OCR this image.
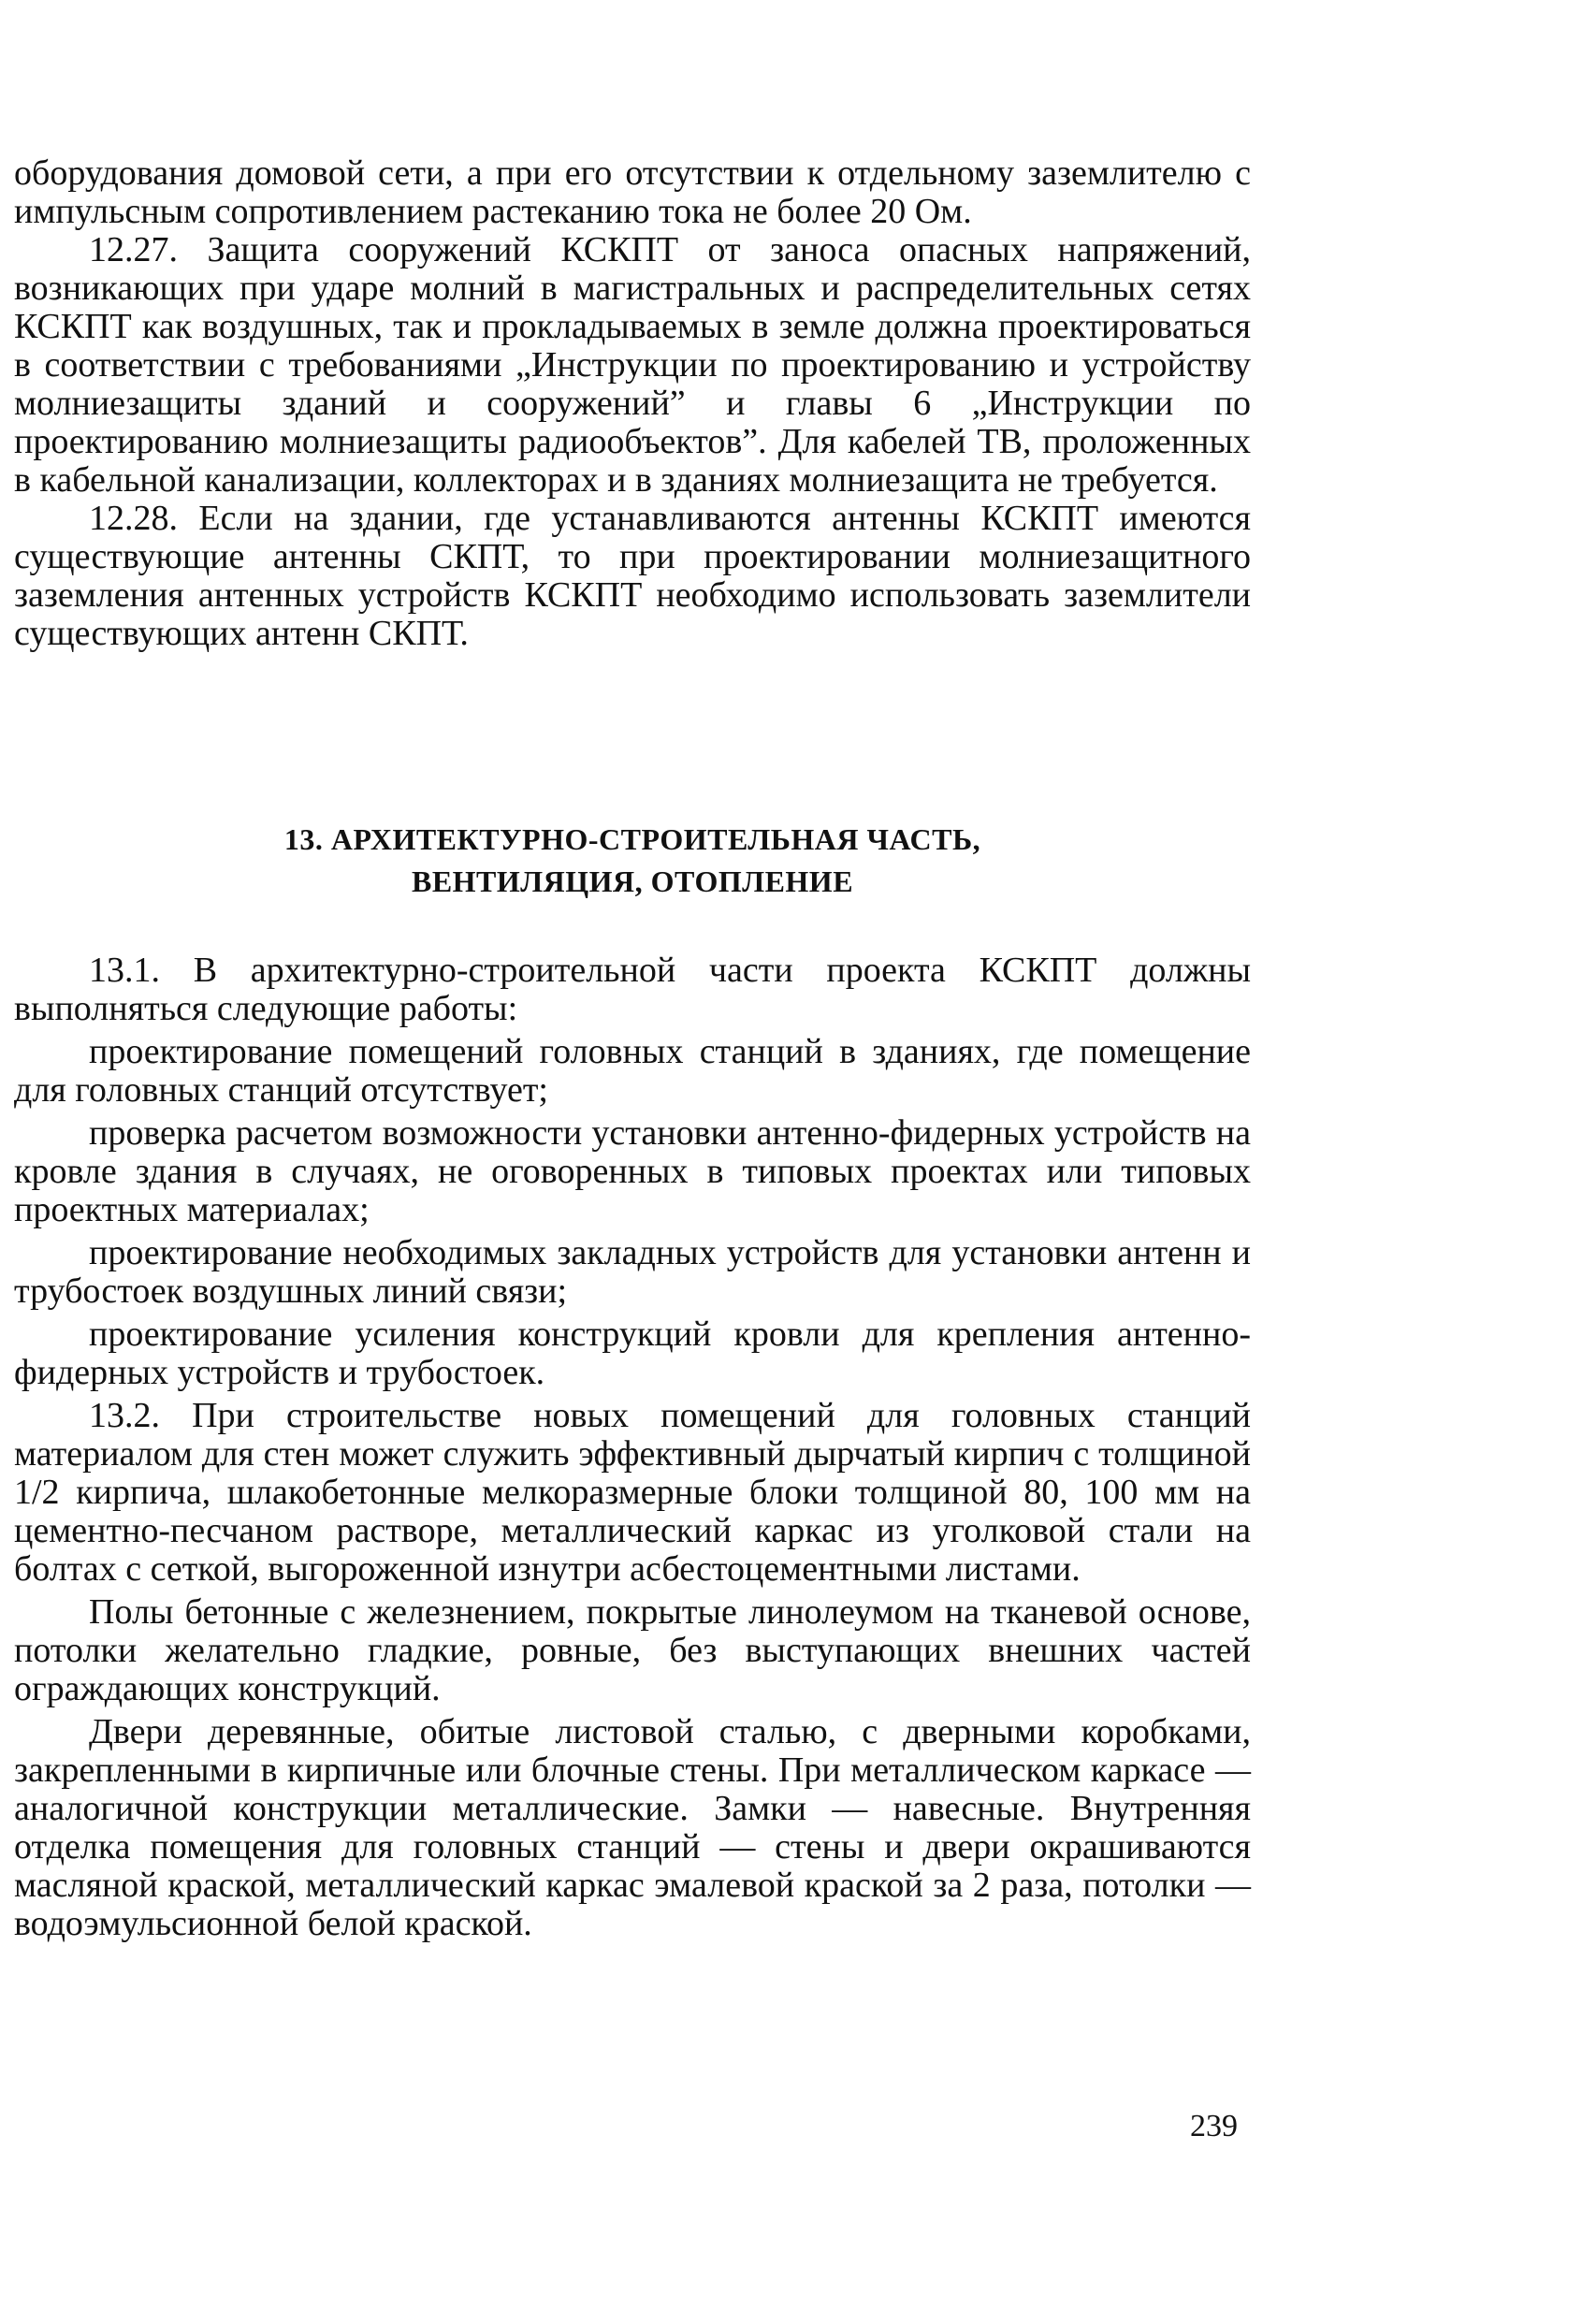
оборудования домовой сети, а при его отсутствии к отдельному заземлителю с импульсным сопротивлением растеканию тока не более 20 Ом.

12.27. Защита сооружений КСКПТ от заноса опасных напряжений, возникающих при ударе молний в магистральных и распределительных сетях КСКПТ как воздушных, так и прокладываемых в земле должна проектироваться в соответствии с требованиями „Инструкции по проектированию и устройству молниезащиты зданий и сооружений” и главы 6 „Инструкции по проектированию молниезащиты радиообъектов”. Для кабелей ТВ, проложенных в кабельной канализации, коллекторах и в зданиях молниезащита не требуется.

12.28. Если на здании, где устанавливаются антенны КСКПТ имеются существующие антенны СКПТ, то при проектировании молниезащитного заземления антенных устройств КСКПТ необходимо использовать заземлители существующих антенн СКПТ.

13. АРХИТЕКТУРНО-СТРОИТЕЛЬНАЯ ЧАСТЬ,
ВЕНТИЛЯЦИЯ, ОТОПЛЕНИЕ

13.1. В архитектурно-строительной части проекта КСКПТ должны выполняться следующие работы:

проектирование помещений головных станций в зданиях, где помещение для головных станций отсутствует;

проверка расчетом возможности установки антенно-фидерных устройств на кровле здания в случаях, не оговоренных в типовых проектах или типовых проектных материалах;

проектирование необходимых закладных устройств для установки антенн и трубостоек воздушных линий связи;

проектирование усиления конструкций кровли для крепления антенно-фидерных устройств и трубостоек.

13.2. При строительстве новых помещений для головных станций материалом для стен может служить эффективный дырчатый кирпич с толщиной 1/2 кирпича, шлакобетонные мелкоразмерные блоки толщиной 80, 100 мм на цементно-песчаном растворе, металлический каркас из уголковой стали на болтах с сеткой, выгороженной изнутри асбестоцементными листами.

Полы бетонные с железнением, покрытые линолеумом на тканевой основе, потолки желательно гладкие, ровные, без выступающих внешних частей ограждающих конструкций.

Двери деревянные, обитые листовой сталью, с дверными коробками, закрепленными в кирпичные или блочные стены. При металлическом каркасе — аналогичной конструкции металлические. Замки — навесные. Внутренняя отделка помещения для головных станций — стены и двери окрашиваются масляной краской, металлический каркас эмалевой краской за 2 раза, потолки — водоэмульсионной белой краской.

239
